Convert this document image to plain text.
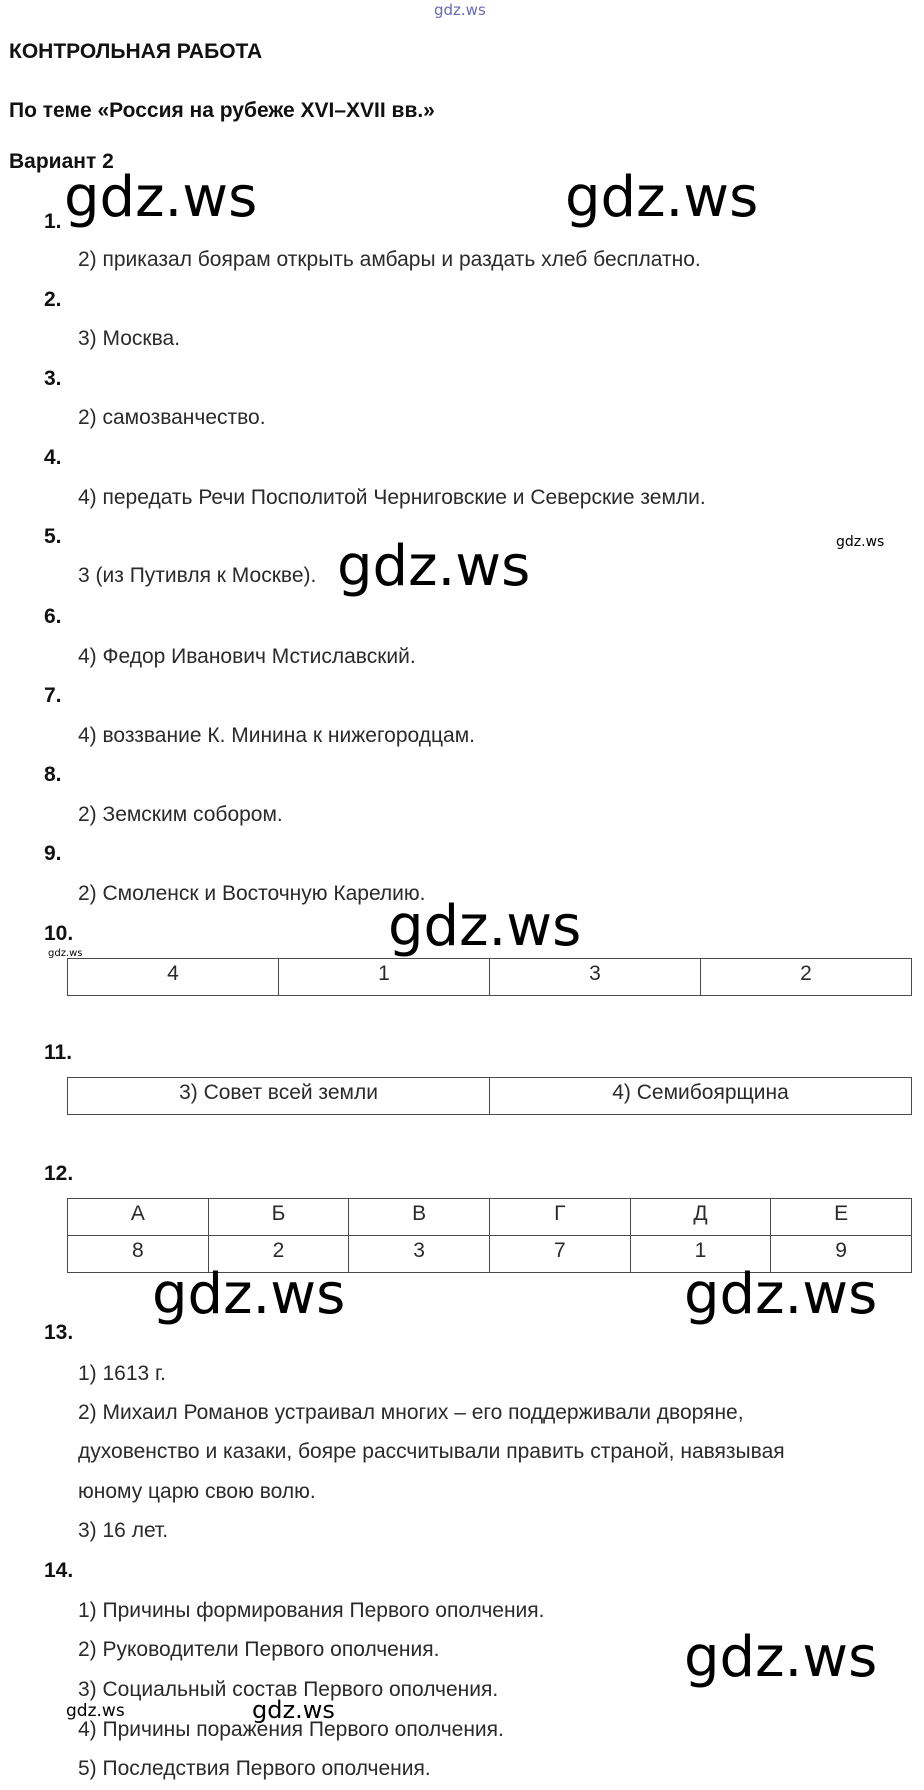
gdz.ws
КОНТРОЛЬНАЯ РАБОТА
По теме «Россия на рубеже XVI–XVII вв.»
Вариант 2
1.
2) приказал боярам открыть амбары и раздать хлеб бесплатно.
2.
3) Москва.
3.
2) самозванчество.
4.
4) передать Речи Посполитой Черниговские и Северские земли.
5.
3 (из Путивля к Москве).
6.
4) Федор Иванович Мстиславский.
7.
4) воззвание К. Минина к нижегородцам.
8.
2) Земским собором.
9.
2) Смоленск и Восточную Карелию.
10.
4	1	3	2
11.
3) Совет всей земли	4) Семибоярщина
12.
А	Б	В	Г	Д	Е
8	2	3	7	1	9
13.
1) 1613 г.
2) Михаил Романов устраивал многих – его поддерживали дворяне,
духовенство и казаки, бояре рассчитывали править страной, навязывая
юному царю свою волю.
3) 16 лет.
14.
1) Причины формирования Первого ополчения.
2) Руководители Первого ополчения.
3) Социальный состав Первого ополчения.
4) Причины поражения Первого ополчения.
5) Последствия Первого ополчения.
gdz.ws	gdz.ws
gdz.ws
gdz.ws
gdz.ws	gdz.ws
gdz.ws
gdz.ws
gdz.ws
gdz.ws	gdz.ws
